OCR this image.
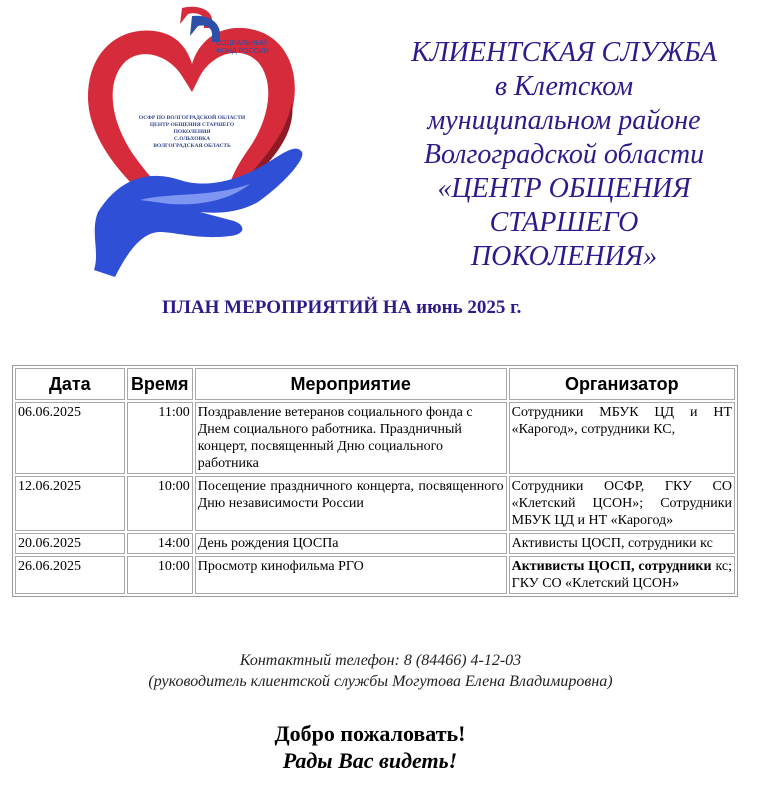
СОЦИАЛЬНЫЙ
ФОНД РОССИИ
ОСФР ПО ВОЛГОГРАДСКОЙ ОБЛАСТИ
ЦЕНТР ОБЩЕНИЯ СТАРШЕГО
ПОКОЛЕНИЯ
С.ОЛЬХОВКА
ВОЛГОГРАДСКАЯ ОБЛАСТЬ
КЛИЕНТСКАЯ СЛУЖБА
в Клетском
муниципальном районе
Волгоградской области
«ЦЕНТР ОБЩЕНИЯ
СТАРШЕГО
ПОКОЛЕНИЯ»
ПЛАН МЕРОПРИЯТИЙ НА июнь 2025 г.
Дата	Время	Мероприятие	Организатор
06.06.2025	11:00	Поздравление ветеранов социального фонда с Днем социального работника. Праздничный концерт, посвященный Дню социального работника	Сотрудники МБУК ЦД и НТ «Карогод», сотрудники КС,
12.06.2025	10:00	Посещение праздничного концерта, посвященного Дню независимости России	Сотрудники ОСФР, ГКУ СО «Клетский ЦСОН»; Сотрудники МБУК ЦД и НТ «Карогод»
20.06.2025	14:00	День рождения ЦОСПа	Активисты ЦОСП, сотрудники кс
26.06.2025	10:00	Просмотр кинофильма РГО	Активисты ЦОСП, сотрудники кс; ГКУ СО «Клетский ЦСОН»
Контактный телефон: 8 (84466) 4-12-03
(руководитель клиентской службы Могутова Елена Владимировна)
Добро пожаловать!
Рады Вас видеть!
